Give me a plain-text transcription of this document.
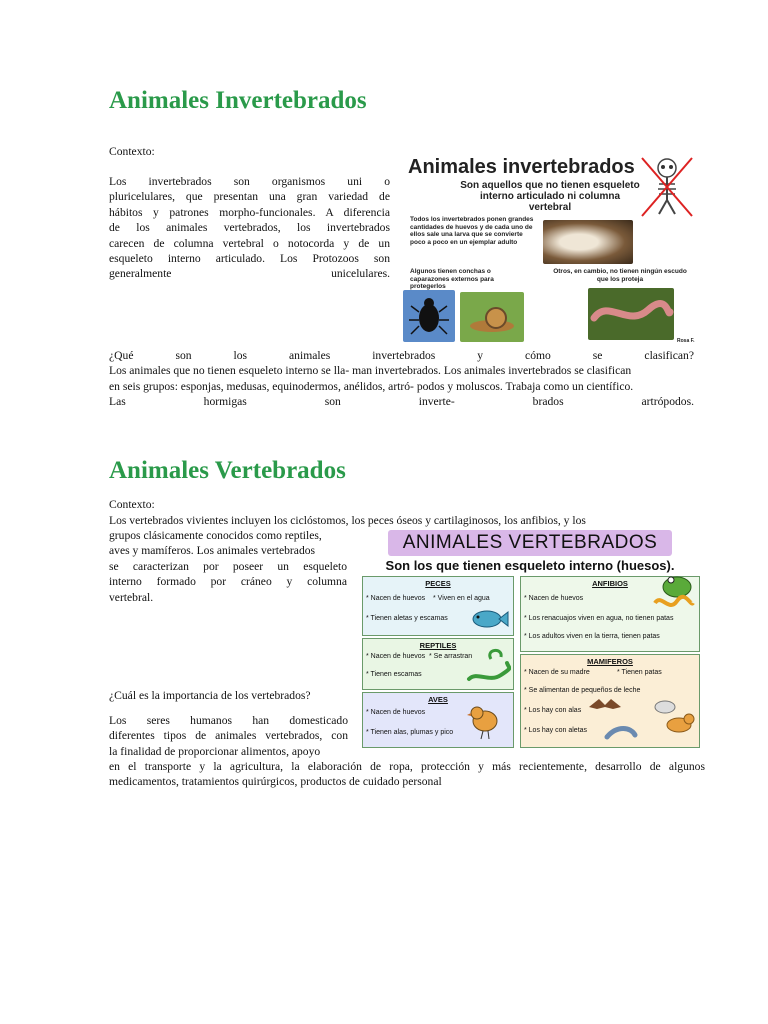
Animales Invertebrados
Contexto:
Los invertebrados son organismos uni o
pluricelulares, que presentan una gran variedad de
hábitos y patrones morpho-funcionales. A diferencia
de los animales vertebrados, los invertebrados
carecen de columna vertebral o notocorda y de un
esqueleto interno articulado. Los Protozoos son
generalmente unicelulares.
Animales invertebrados
Son aquellos que no tienen esqueleto interno articulado ni columna vertebral
Todos los invertebrados ponen grandes cantidades de huevos y de cada uno de ellos sale una larva que se convierte poco a poco en un ejemplar adulto
Algunos tienen conchas o caparazones externos para protegerlos
Otros, en cambio, no tienen ningún escudo que los proteja
Rosa F.
¿Qué son los animales invertebrados y cómo se clasifican?
Los animales que no tienen esqueleto interno se lla- man invertebrados. Los animales invertebrados se clasifican
en seis grupos: esponjas, medusas, equinodermos, anélidos, artró- podos y moluscos. Trabaja como un científico.
Las hormigas son inverte- brados artrópodos.
Animales Vertebrados
Contexto:
Los vertebrados vivientes incluyen los ciclóstomos, los peces óseos y cartilaginosos, los anfibios, y los
grupos clásicamente conocidos como reptiles,
aves y mamíferos. Los animales vertebrados
se caracterizan por poseer un esqueleto
interno formado por cráneo y columna
vertebral.
¿Cuál es la importancia de los vertebrados?
Los seres humanos han domesticado
diferentes tipos de animales vertebrados, con
la finalidad de proporcionar alimentos, apoyo
en el transporte y la agricultura, la elaboración de ropa, protección y más recientemente, desarrollo de algunos
medicamentos, tratamientos quirúrgicos, productos de cuidado personal
ANIMALES VERTEBRADOS
Son los que tienen esqueleto interno (huesos).
PECES
* Nacen de huevos * Viven en el agua
* Tienen aletas y escamas
REPTILES
* Nacen de huevos * Se arrastran
* Tienen escamas
AVES
* Nacen de huevos
* Tienen alas, plumas y pico
ANFIBIOS
* Nacen de huevos
* Los renacuajos viven en agua, no tienen patas
* Los adultos viven en la tierra, tienen patas
MAMIFEROS
* Nacen de su madre	* Tienen patas
* Se alimentan de pequeños de leche
* Los hay con alas
* Los hay con aletas
